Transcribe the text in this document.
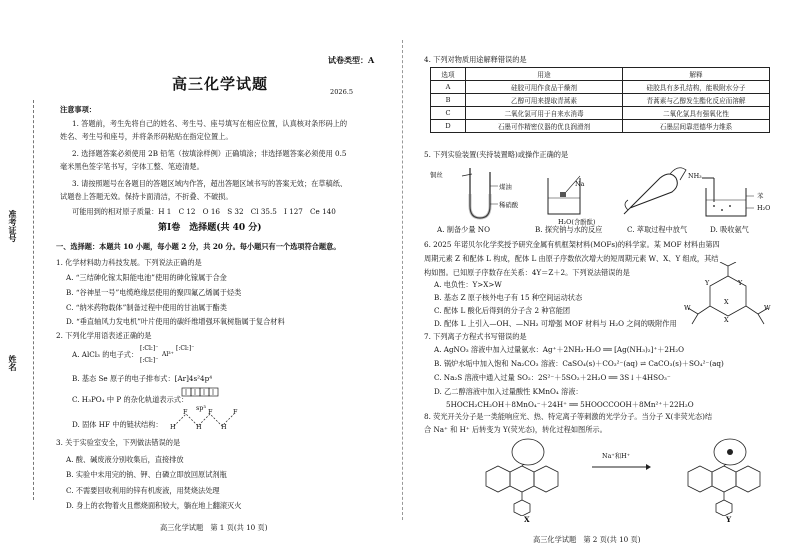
准考证号
姓名
试卷类型：A
高三化学试题	2026.5
注意事项：
1. 答题前，考生先将自己的姓名、考生号、座号填写在相应位置，认真核对条形码上的
姓名、考生号和座号，并将条形码粘贴在指定位置上。
2. 选择题答案必须使用 2B 铅笔（按填涂样例）正确填涂；非选择题答案必须使用 0.5
毫米黑色签字笔书写，字体工整、笔迹清楚。
3. 请按照题号在各题目的答题区域内作答，超出答题区域书写的答案无效；在草稿纸、
试题卷上答题无效。保持卡面清洁，不折叠、不破损。
可能用到的相对原子质量：H 1　C 12　O 16　S 32　Cl 35.5　I 127　Ce 140
第Ⅰ卷　选择题(共 40 分)
一、选择题：本题共 10 小题，每小题 2 分，共 20 分。每小题只有一个选项符合题意。
1. 化学材料助力科技发展。下列说法正确的是
A. “三结砷化镓太阳能电池”使用的砷化镓属于合金
B. “谷神星一号”电缆绝缘层使用的聚四氟乙烯属于烃类
C. “纳米药物载体”制备过程中使用的甘油属于酯类
D. “垂直轴风力发电机”叶片使用的碳纤维增强环氧树脂属于复合材料
2. 下列化学用语表述正确的是
A. AlCl₃ 的电子式：
[:Cl:]⁻
Al³⁺
[:Cl:]⁻
[:Cl:]⁻
B. 基态 Se 原子的电子排布式：[Ar]4s²4p⁴
C. H₃PO₄ 中 P 的杂化轨道表示式：
sp³
D. 固体 HF 中的链状结构： H
F
H
F
H
F
3. 关于实验室安全，下列做法错误的是
A. 酸、碱废液分别收集后，直接排放
B. 实验中未用完的钠、钾、白磷立即放回原试剂瓶
C. 不需要回收利用的锌有机废液，用焚烧法处理
D. 身上的衣物着火且燃烧面积较大，躺在地上翻滚灭火
高三化学试题　第 1 页(共 10 页)
4. 下列对物质用途解释错误的是
选项	用途	解释
A	硅胶可用作食品干燥剂	硅胶具有多孔结构，能吸附水分子
B	乙醇可用来提取青蒿素	青蒿素与乙醇发生酯化反应而溶解
C	二氧化氯可用于自来水消毒	二氧化氯具有强氧化性
D	石墨可作精密仪器的优良润滑剂	石墨层间靠范德华力维系
5. 下列实验装置(夹持装置略)或操作正确的是
铜丝
煤油
稀硝酸
Na
H₂O(含酚酞)
NH₃
苯
H₂O
A. 制备少量 NO	B. 探究钠与水的反应	C. 萃取过程中放气	D. 吸收氨气
6. 2025 年诺贝尔化学奖授予研究金属有机框架材料(MOFs)的科学家。某 MOF 材料由第四
周期元素 Z 和配体 L 构成，配体 L 由原子序数依次增大的短周期元素 W、X、Y 组成，其结
构如图。已知原子序数存在关系：4Y＝Z＋2。下列说法错误的是
A. 电负性：Y>X>W
B. 基态 Z 原子核外电子有 15 种空间运动状态
C. 配体 L 酸化后得到的分子含 2 种官能团
D. 配体 L 上引入—OH、—NH₂ 可增强 MOF 材料与 H₂O 之间的吸附作用
X
Y	Y
X
W	W
7. 下列离子方程式书写错误的是
A. AgNO₃ 溶液中加入过量氨水：Ag⁺＋2NH₃·H₂O ══ [Ag(NH₃)₂]⁺＋2H₂O
B. 锅炉水垢中加入饱和 Na₂CO₃ 溶液：CaSO₄(s)＋CO₃²⁻(aq) ⇌ CaCO₃(s)＋SO₄²⁻(aq)
C. Na₂S 溶液中通入过量 SO₂：2S²⁻＋5SO₂＋2H₂O ══ 3S↓＋4HSO₃⁻
D. 乙二醇溶液中加入过量酸性 KMnO₄ 溶液：
5HOCH₂CH₂OH＋8MnO₄⁻＋24H⁺ ══ 5HOOCCOOH＋8Mn²⁺＋22H₂O
8. 荧光开关分子是一类能响应光、热、特定离子等刺激的光学分子。当分子 X(非荧光态)结
合 Na⁺ 和 H⁺ 后转变为 Y(荧光态)，转化过程如图所示。
Na⁺和H⁺
X	Y
高三化学试题　第 2 页(共 10 页)
